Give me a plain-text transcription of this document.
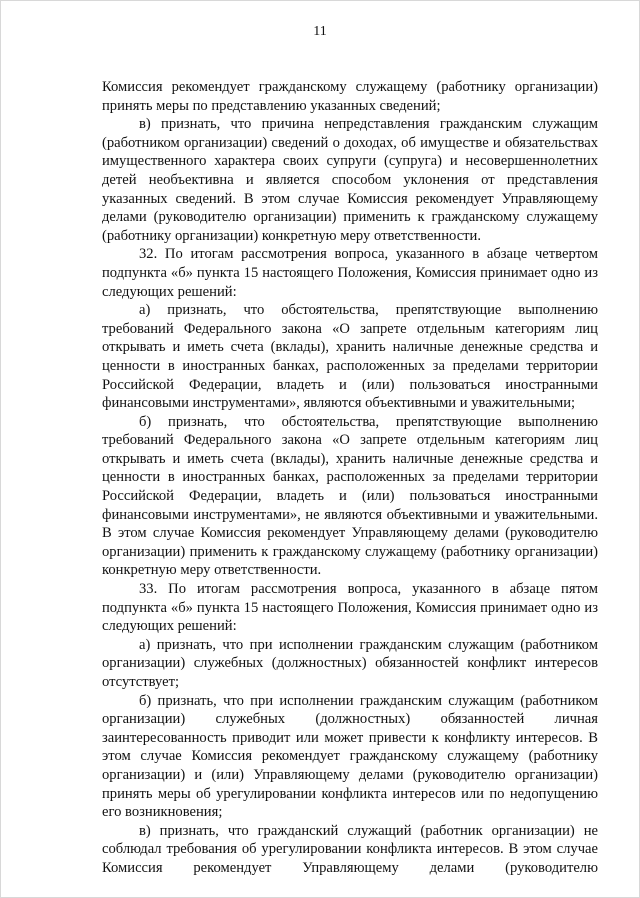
11

Комиссия рекомендует гражданскому служащему (работнику организации) принять меры по представлению указанных сведений;

в) признать, что причина непредставления гражданским служащим (работником организации) сведений о доходах, об имуществе и обязательствах имущественного характера своих супруги (супруга) и несовершеннолетних детей необъективна и является способом уклонения от представления указанных сведений. В этом случае Комиссия рекомендует Управляющему делами (руководителю организации) применить к гражданскому служащему (работнику организации) конкретную меру ответственности.

32. По итогам рассмотрения вопроса, указанного в абзаце четвертом подпункта «б» пункта 15 настоящего Положения, Комиссия принимает одно из следующих решений:

а) признать, что обстоятельства, препятствующие выполнению требований Федерального закона «О запрете отдельным категориям лиц открывать и иметь счета (вклады), хранить наличные денежные средства и ценности в иностранных банках, расположенных за пределами территории Российской Федерации, владеть и (или) пользоваться иностранными финансовыми инструментами», являются объективными и уважительными;

б) признать, что обстоятельства, препятствующие выполнению требований Федерального закона «О запрете отдельным категориям лиц открывать и иметь счета (вклады), хранить наличные денежные средства и ценности в иностранных банках, расположенных за пределами территории Российской Федерации, владеть и (или) пользоваться иностранными финансовыми инструментами», не являются объективными и уважительными. В этом случае Комиссия рекомендует Управляющему делами (руководителю организации) применить к гражданскому служащему (работнику организации) конкретную меру ответственности.

33. По итогам рассмотрения вопроса, указанного в абзаце пятом подпункта «б» пункта 15 настоящего Положения, Комиссия принимает одно из следующих решений:

а) признать, что при исполнении гражданским служащим (работником организации) служебных (должностных) обязанностей конфликт интересов отсутствует;

б) признать, что при исполнении гражданским служащим (работником организации) служебных (должностных) обязанностей личная заинтересованность приводит или может привести к конфликту интересов. В этом случае Комиссия рекомендует гражданскому служащему (работнику организации) и (или) Управляющему делами (руководителю организации) принять меры об урегулировании конфликта интересов или по недопущению его возникновения;

в) признать, что гражданский служащий (работник организации) не соблюдал требования об урегулировании конфликта интересов. В этом случае Комиссия рекомендует Управляющему делами (руководителю
